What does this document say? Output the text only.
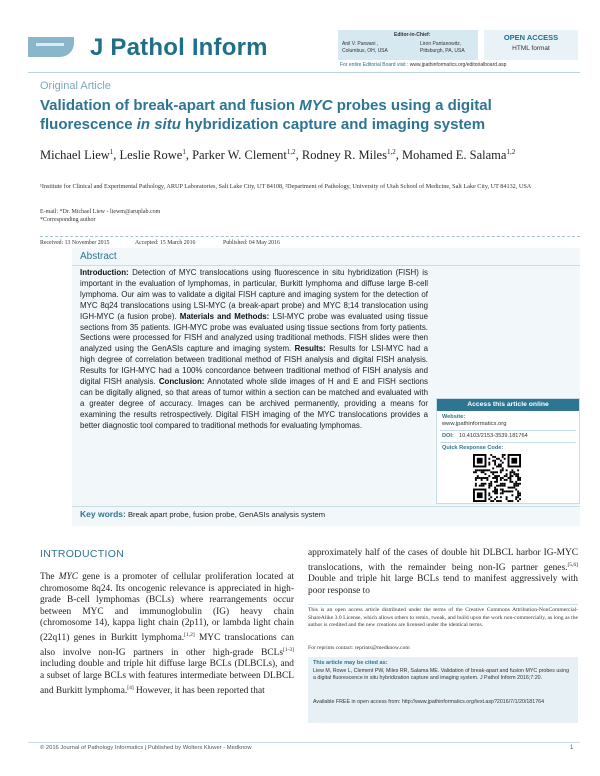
J Pathol Inform	Editor-in-Chief:
Anil V. Parwani ,
Columbus, OH, USA
Liron Pantanowitz,
Pittsburgh, PA, USA
OPEN ACCESS
HTML format
For entire Editorial Board visit : www.jpathinformatics.org/editorialboard.asp
Original Article
Validation of break-apart and fusion MYC probes using a digital fluorescence in situ hybridization capture and imaging system
Michael Liew$^1$, Leslie Rowe$^1$, Parker W. Clement$^{1,2}$, Rodney R. Miles$^{1,2}$, Mohamed E. Salama$^{1,2}$
¹Institute for Clinical and Experimental Pathology, ARUP Laboratories, Salt Lake City, UT 84108, ²Department of Pathology, University of Utah School of Medicine, Salt Lake City, UT 84132, USA
E-mail: *Dr. Michael Liew - liewm@aruplab.com
*Corresponding author
Received: 13 November 2015	Accepted: 15 March 2016	Published: 04 May 2016
Abstract
Introduction: Detection of MYC translocations using fluorescence in situ hybridization (FISH) is important in the evaluation of lymphomas, in particular, Burkitt lymphoma and diffuse large B-cell lymphoma. Our aim was to validate a digital FISH capture and imaging system for the detection of MYC 8q24 translocations using LSI-MYC (a break-apart probe) and MYC 8;14 translocation using IGH-MYC (a fusion probe). Materials and Methods: LSI-MYC probe was evaluated using tissue sections from 35 patients. IGH-MYC probe was evaluated using tissue sections from forty patients. Sections were processed for FISH and analyzed using traditional methods. FISH slides were then analyzed using the GenASIs capture and imaging system. Results: Results for LSI-MYC had a high degree of correlation between traditional method of FISH analysis and digital FISH analysis. Results for IGH-MYC had a 100% concordance between traditional method of FISH analysis and digital FISH analysis. Conclusion: Annotated whole slide images of H and E and FISH sections can be digitally aligned, so that areas of tumor within a section can be matched and evaluated with a greater degree of accuracy. Images can be archived permanently, providing a means for examining the results retrospectively. Digital FISH imaging of the MYC translocations provides a better diagnostic tool compared to traditional methods for evaluating lymphomas.
Key words: Break apart probe, fusion probe, GenASIs analysis system
Access this article online
Website:
www.jpathinformatics.org
DOI: 10.4103/2153-3539.181764
Quick Response Code:
INTRODUCTION
The MYC gene is a promoter of cellular proliferation located at chromosome 8q24. Its oncogenic relevance is appreciated in high-grade B-cell lymphomas (BCLs) where rearrangements occur between MYC and immunoglobulin (IG) heavy chain (chromosome 14), kappa light chain (2p11), or lambda light chain (22q11) genes in Burkitt lymphoma.[1,2] MYC translocations can also involve non-IG partners in other high-grade BCLs[1-3] including double and triple hit diffuse large BCLs (DLBCLs), and a subset of large BCLs with features intermediate between DLBCL and Burkitt lymphoma.[4] However, it has been reported that
approximately half of the cases of double hit DLBCL harbor IG-MYC translocations, with the remainder being non-IG partner genes.[5,6] Double and triple hit large BCLs tend to manifest aggressively with poor response to
This is an open access article distributed under the terms of the Creative Commons Attribution-NonCommercial-ShareAlike 3.0 License, which allows others to remix, tweak, and build upon the work non-commercially, as long as the author is credited and the new creations are licensed under the identical terms.
For reprints contact: reprints@medknow.com
This article may be cited as:
Liew M, Rowe L, Clement PW, Miles RR, Salama ME. Validation of break-apart and fusion MYC probes using a digital fluorescence in situ hybridization capture and imaging system. J Pathol Inform 2016;7:20.
Available FREE in open access from: http://www.jpathinformatics.org/text.asp?2016/7/1/20/181764
© 2016 Journal of Pathology Informatics | Published by Wolters Kluwer - Medknow	1
